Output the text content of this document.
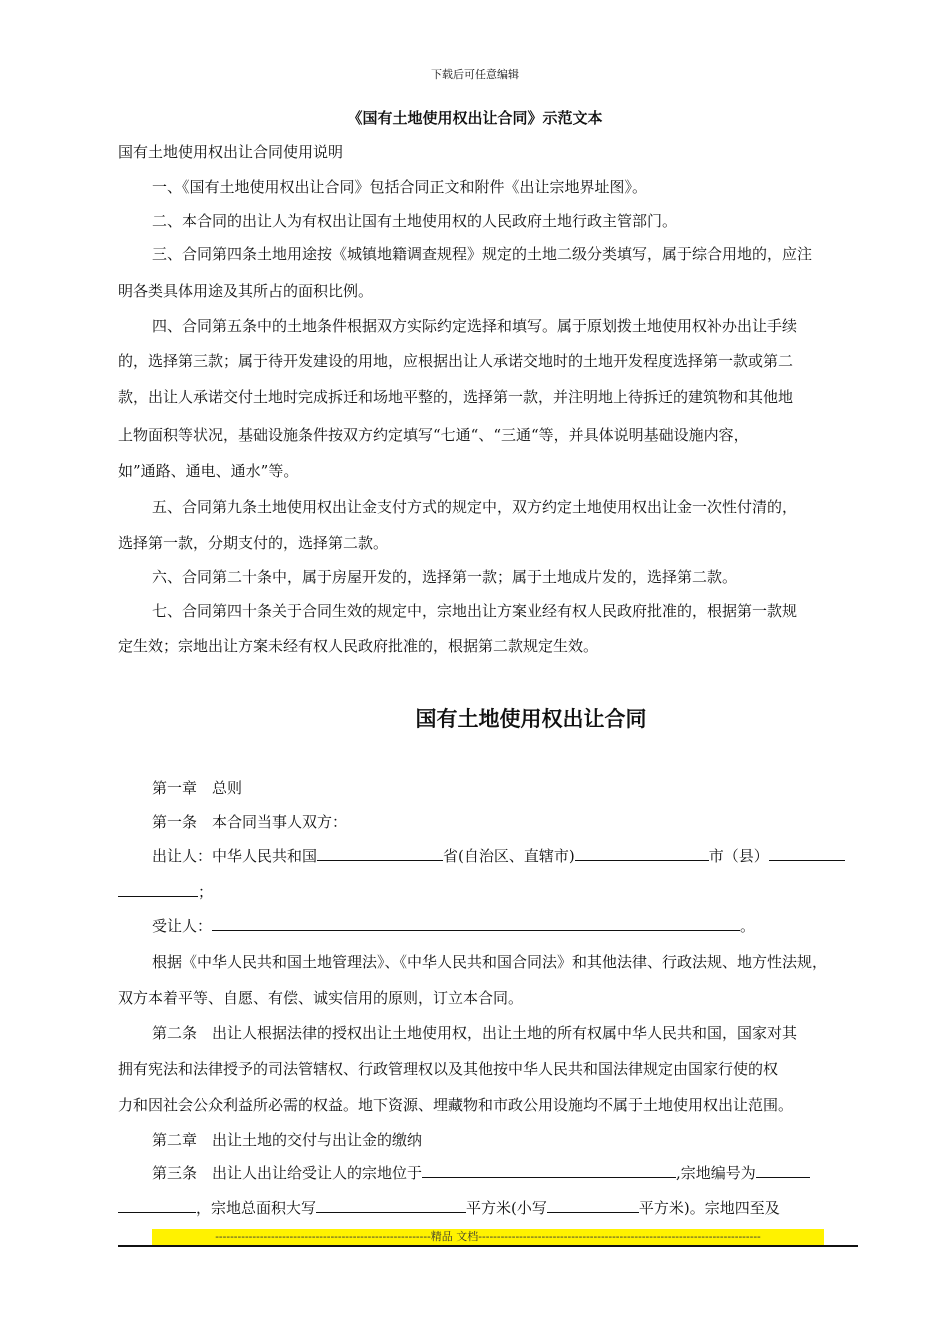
下载后可任意编辑
《国有土地使用权出让合同》示范文本
国有土地使用权出让合同使用说明
一、《国有土地使用权出让合同》包括合同正文和附件《出让宗地界址图》。
二、本合同的出让人为有权出让国有土地使用权的人民政府土地行政主管部门。
三、合同第四条土地用途按《城镇地籍调查规程》规定的土地二级分类填写，属于综合用地的，应注
明各类具体用途及其所占的面积比例。
四、合同第五条中的土地条件根据双方实际约定选择和填写。属于原划拨土地使用权补办出让手续
的，选择第三款；属于待开发建设的用地，应根据出让人承诺交地时的土地开发程度选择第一款或第二
款，出让人承诺交付土地时完成拆迁和场地平整的，选择第一款，并注明地上待拆迁的建筑物和其他地
上物面积等状况，基础设施条件按双方约定填写“七通“、“三通“等，并具体说明基础设施内容，
如”通路、通电、通水”等。
五、合同第九条土地使用权出让金支付方式的规定中，双方约定土地使用权出让金一次性付清的，
选择第一款，分期支付的，选择第二款。
六、合同第二十条中，属于房屋开发的，选择第一款；属于土地成片发的，选择第二款。
七、合同第四十条关于合同生效的规定中，宗地出让方案业经有权人民政府批准的，根据第一款规
定生效；宗地出让方案未经有权人民政府批准的，根据第二款规定生效。
国有土地使用权出让合同
第一章　总则
第一条　本合同当事人双方：
出让人：中华人民共和国	省(自治区、直辖市)	市（县）
；
受让人：	。
根据《中华人民共和国土地管理法》、《中华人民共和国合同法》和其他法律、行政法规、地方性法规，
双方本着平等、自愿、有偿、诚实信用的原则，订立本合同。
第二条　出让人根据法律的授权出让土地使用权，出让土地的所有权属中华人民共和国，国家对其
拥有宪法和法律授予的司法管辖权、行政管理权以及其他按中华人民共和国法律规定由国家行使的权
力和因社会公众利益所必需的权益。地下资源、埋藏物和市政公用设施均不属于土地使用权出让范围。
第二章　出让土地的交付与出让金的缴纳
第三条　出让人出让给受让人的宗地位于	,宗地编号为
，宗地总面积大写	平方米(小写	平方米)。宗地四至及
----------------------------------------------------------精品 文档----------------------------------------------------------------------------
